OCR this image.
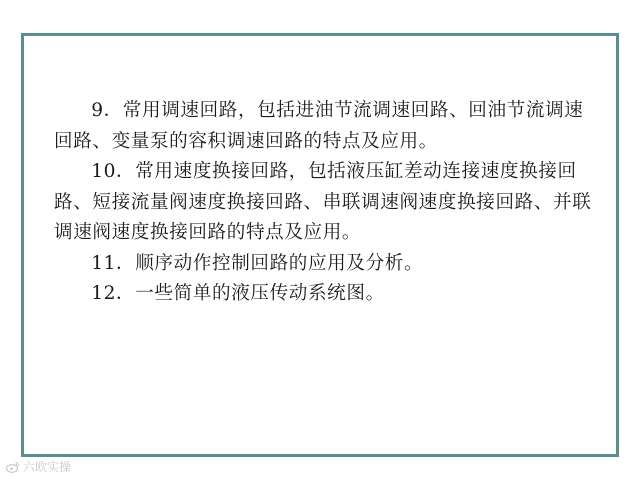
9．常用调速回路，包括进油节流调速回路、回油节流调速回路、变量泵的容积调速回路的特点及应用。

10．常用速度换接回路，包括液压缸差动连接速度换接回路、短接流量阀速度换接回路、串联调速阀速度换接回路、并联调速阀速度换接回路的特点及应用。

11．顺序动作控制回路的应用及分析。

12．一些简单的液压传动系统图。

六欧实操
